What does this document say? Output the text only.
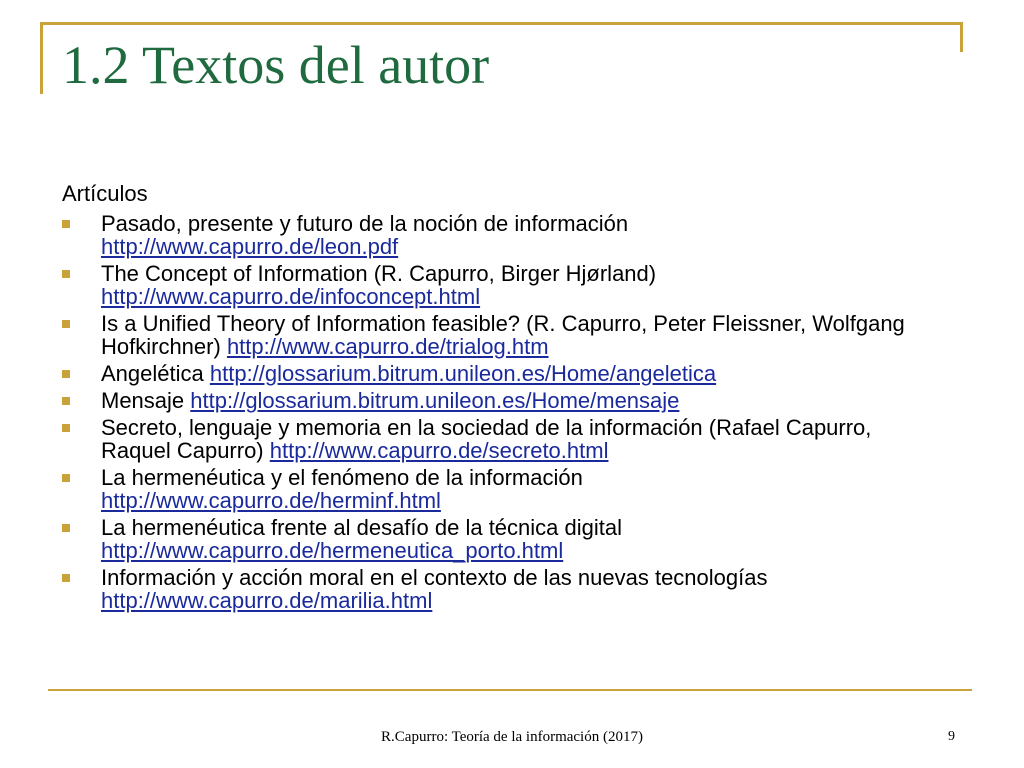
1.2 Textos del autor
Artículos
Pasado, presente y futuro de la noción de información
http://www.capurro.de/leon.pdf
The Concept of Information (R. Capurro, Birger Hjørland)
http://www.capurro.de/infoconcept.html
Is a Unified Theory of Information feasible? (R. Capurro, Peter Fleissner, Wolfgang Hofkirchner) http://www.capurro.de/trialog.htm
Angelética http://glossarium.bitrum.unileon.es/Home/angeletica
Mensaje http://glossarium.bitrum.unileon.es/Home/mensaje
Secreto, lenguaje y memoria en la sociedad de la información (Rafael Capurro, Raquel Capurro) http://www.capurro.de/secreto.html
La hermenéutica y el fenómeno de la información
http://www.capurro.de/herminf.html
La hermenéutica frente al desafío de la técnica digital
http://www.capurro.de/hermeneutica_porto.html
Información y acción moral en el contexto de las nuevas tecnologías
http://www.capurro.de/marilia.html
R.Capurro: Teoría de la información (2017)	9
